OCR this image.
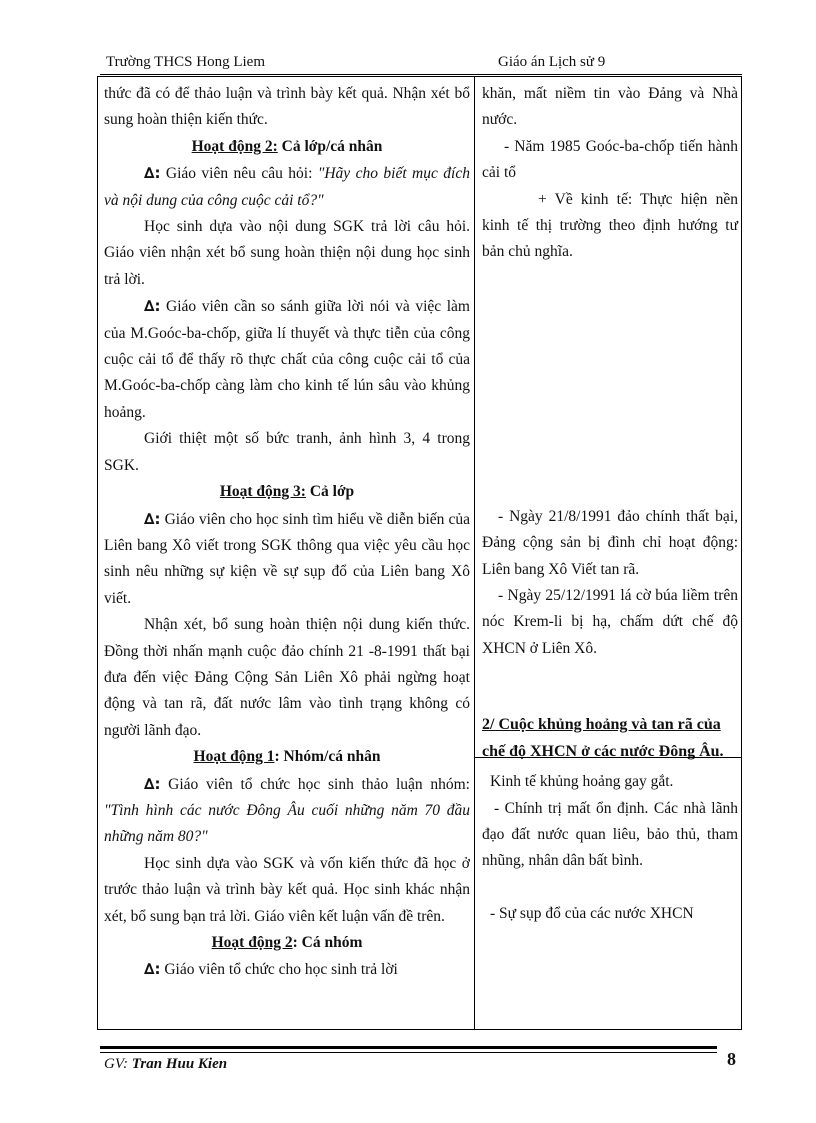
Trường THCS Hong Liem	Giáo án Lịch sử 9

thức đã có để thảo luận và trình bày kết quả. Nhận xét bổ sung hoàn thiện kiến thức.

Hoạt động 2: Cả lớp/cá nhân

∆: Giáo viên nêu câu hỏi: "Hãy cho biết mục đích và nội dung của công cuộc cải tổ?"

Học sinh dựa vào nội dung SGK trả lời câu hỏi. Giáo viên nhận xét bổ sung hoàn thiện nội dung học sinh trả lời.

∆: Giáo viên cần so sánh giữa lời nói và việc làm của M.Goóc-ba-chốp, giữa lí thuyết và thực tiễn của công cuộc cải tổ để thấy rõ thực chất của công cuộc cải tổ của M.Goóc-ba-chốp càng làm cho kinh tế lún sâu vào khủng hoảng.

Giới thiệt một số bức tranh, ảnh hình 3, 4 trong SGK.

Hoạt động 3: Cả lớp

∆: Giáo viên cho học sinh tìm hiểu về diễn biến của Liên bang Xô viết trong SGK thông qua việc yêu cầu học sinh nêu những sự kiện về sự sụp đổ của Liên bang Xô viết.

Nhận xét, bổ sung hoàn thiện nội dung kiến thức. Đồng thời nhấn mạnh cuộc đảo chính 21 -8-1991 thất bại đưa đến việc Đảng Cộng Sản Liên Xô phải ngừng hoạt động và tan rã, đất nước lâm vào tình trạng không có người lãnh đạo.

Hoạt động 1: Nhóm/cá nhân

∆: Giáo viên tổ chức học sinh thảo luận nhóm: "Tình hình các nước Đông Âu cuối những năm 70 đầu những năm 80?"

Học sinh dựa vào SGK và vốn kiến thức đã học ở trước thảo luận và trình bày kết quả. Học sinh khác nhận xét, bổ sung bạn trả lời. Giáo viên kết luận vấn đề trên.

Hoạt động 2: Cá nhóm

∆: Giáo viên tổ chức cho học sinh trả lời

khăn, mất niềm tin vào Đảng và Nhà nước.

- Năm 1985 Goóc-ba-chốp tiến hành cải tổ

+ Về kinh tế: Thực hiện nền kinh tế thị trường theo định hướng tư bản chủ nghĩa.

- Ngày 21/8/1991 đảo chính thất bại, Đảng cộng sản bị đình chỉ hoạt động: Liên bang Xô Viết tan rã.

- Ngày 25/12/1991 lá cờ búa liềm trên nóc Krem-li bị hạ, chấm dứt chế độ XHCN ở Liên Xô.

2/ Cuộc khủng hoảng và tan rã của chế độ XHCN ở các nước Đông Âu.

Kinh tế khủng hoảng gay gắt.

- Chính trị mất ổn định. Các nhà lãnh đạo đất nước quan liêu, bảo thủ, tham nhũng, nhân dân bất bình.

- Sự sụp đổ của các nước XHCN

GV: Tran Huu Kien	8
